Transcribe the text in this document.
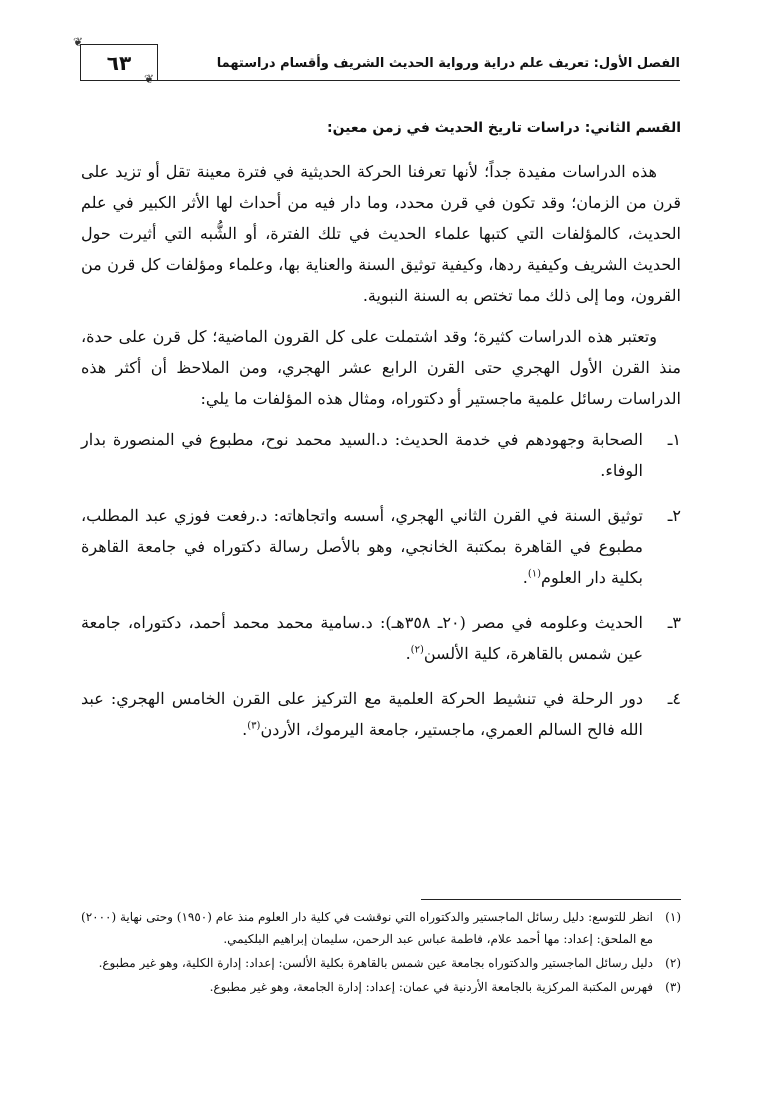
الفصل الأول: تعريف علم دراية ورواية الحديث الشريف وأقسام دراستهما
٦٣
❦
❦

القسم الثاني: دراسات تاريخ الحديث في زمن معين:

هذه الدراسات مفيدة جداً؛ لأنها تعرفنا الحركة الحديثية في فترة معينة تقل أو تزيد على قرن من الزمان؛ وقد تكون في قرن محدد، وما دار فيه من أحداث لها الأثر الكبير في علم الحديث، كالمؤلفات التي كتبها علماء الحديث في تلك الفترة، أو الشُّبه التي أثيرت حول الحديث الشريف وكيفية ردها، وكيفية توثيق السنة والعناية بها، وعلماء ومؤلفات كل قرن من القرون، وما إلى ذلك مما تختص به السنة النبوية.

وتعتبر هذه الدراسات كثيرة؛ وقد اشتملت على كل القرون الماضية؛ كل قرن على حدة، منذ القرن الأول الهجري حتى القرن الرابع عشر الهجري، ومن الملاحظ أن أكثر هذه الدراسات رسائل علمية ماجستير أو دكتوراه، ومثال هذه المؤلفات ما يلي:

١ـ
الصحابة وجهودهم في خدمة الحديث: د.السيد محمد نوح، مطبوع في المنصورة بدار الوفاء.
٢ـ
توثيق السنة في القرن الثاني الهجري، أسسه واتجاهاته: د.رفعت فوزي عبد المطلب، مطبوع في القاهرة بمكتبة الخانجي، وهو بالأصل رسالة دكتوراه في جامعة القاهرة بكلية دار العلوم$^{(١)}$.
٣ـ
الحديث وعلومه في مصر (٢٠ـ ٣٥٨هـ): د.سامية محمد محمد أحمد، دكتوراه، جامعة عين شمس بالقاهرة، كلية الألسن$^{(٢)}$.
٤ـ
دور الرحلة في تنشيط الحركة العلمية مع التركيز على القرن الخامس الهجري: عبد الله فالح السالم العمري، ماجستير، جامعة اليرموك، الأردن$^{(٣)}$.
(١)
انظر للتوسع: دليل رسائل الماجستير والدكتوراه التي نوقشت في كلية دار العلوم منذ عام (١٩٥٠) وحتى نهاية (٢٠٠٠) مع الملحق: إعداد: مها أحمد علام، فاطمة عباس عبد الرحمن، سليمان إبراهيم البلكيمي.
(٢)
دليل رسائل الماجستير والدكتوراه بجامعة عين شمس بالقاهرة بكلية الألسن: إعداد: إدارة الكلية، وهو غير مطبوع.
(٣)
فهرس المكتبة المركزية بالجامعة الأردنية في عمان: إعداد: إدارة الجامعة، وهو غير مطبوع.
